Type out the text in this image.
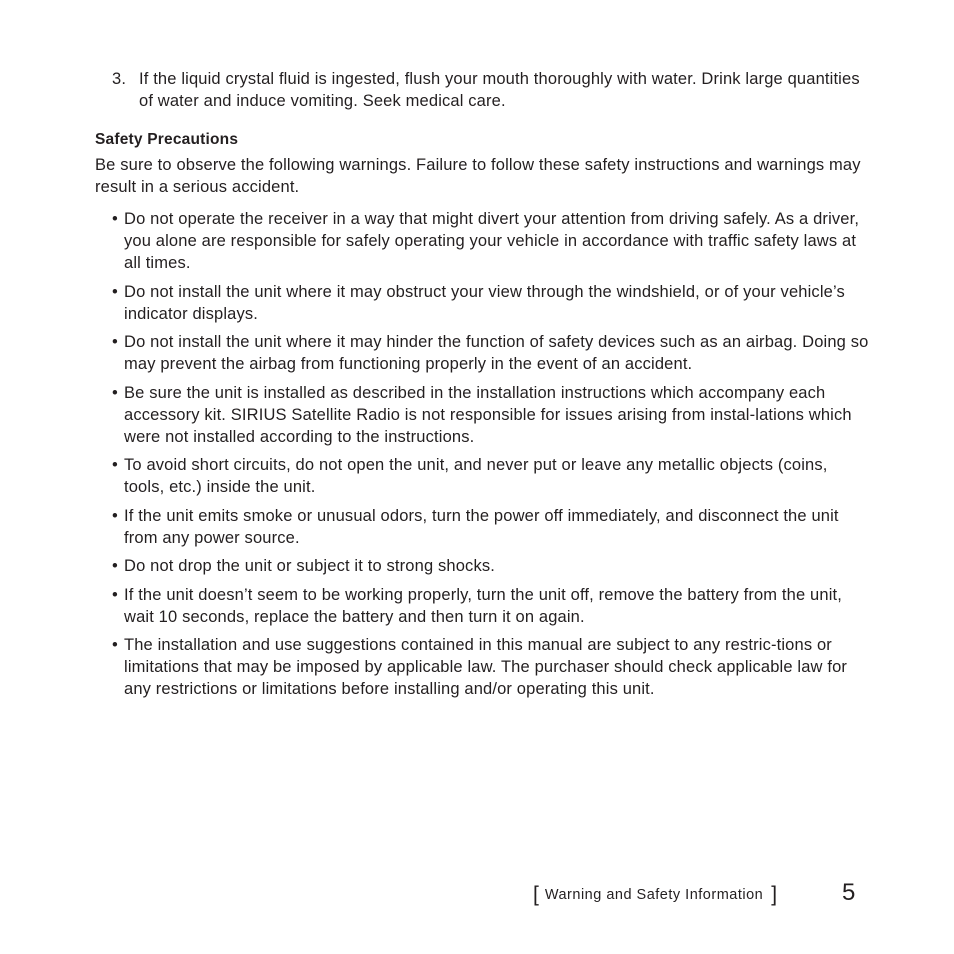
3. If the liquid crystal fluid is ingested, flush your mouth thoroughly with water. Drink large quantities of water and induce vomiting. Seek medical care.
Safety Precautions
Be sure to observe the following warnings. Failure to follow these safety instructions and warnings may result in a serious accident.
• Do not operate the receiver in a way that might divert your attention from driving safely. As a driver, you alone are responsible for safely operating your vehicle in accordance with traffic safety laws at all times.
• Do not install the unit where it may obstruct your view through the windshield, or of your vehicle’s indicator displays.
• Do not install the unit where it may hinder the function of safety devices such as an airbag. Doing so may prevent the airbag from functioning properly in the event of an accident.
• Be sure the unit is installed as described in the installation instructions which accompany each accessory kit. SIRIUS Satellite Radio is not responsible for issues arising from instal-lations which were not installed according to the instructions.
• To avoid short circuits, do not open the unit, and never put or leave any metallic objects (coins, tools, etc.) inside the unit.
• If the unit emits smoke or unusual odors, turn the power off immediately, and disconnect the unit from any power source.
• Do not drop the unit or subject it to strong shocks.
• If the unit doesn’t seem to be working properly, turn the unit off, remove the battery from the unit, wait 10 seconds, replace the battery and then turn it on again.
• The installation and use suggestions contained in this manual are subject to any restric-tions or limitations that may be imposed by applicable law. The purchaser should check applicable law for any restrictions or limitations before installing and/or operating this unit.
[ Warning and Safety Information ]	5
